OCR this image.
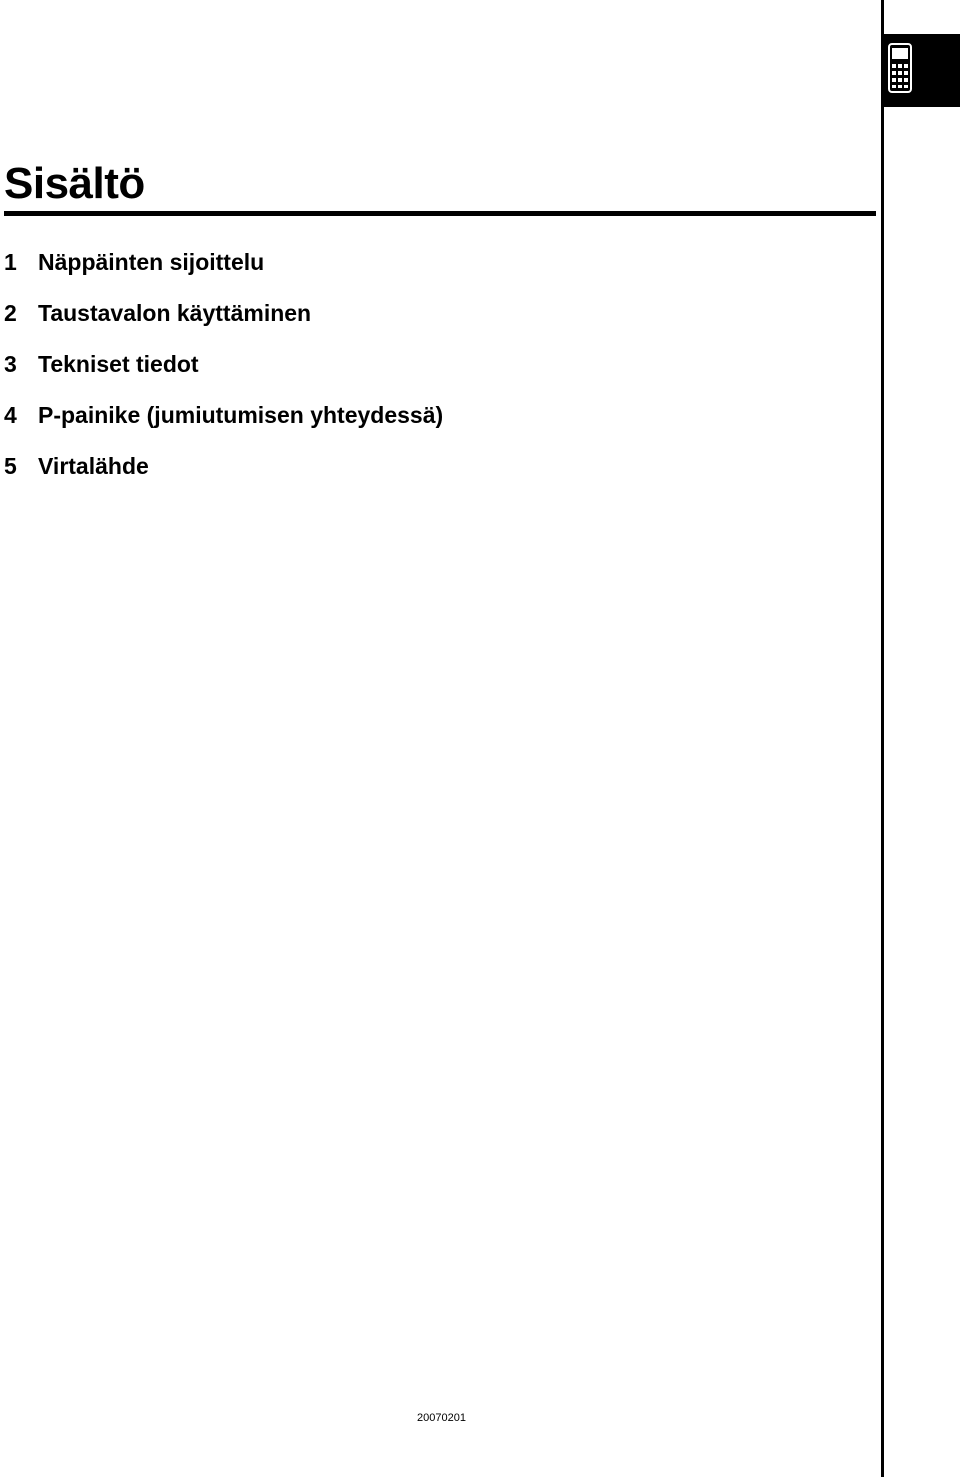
Sisältö
1 Näppäinten sijoittelu
2 Taustavalon käyttäminen
3 Tekniset tiedot
4 P-painike (jumiutumisen yhteydessä)
5 Virtalähde
20070201
